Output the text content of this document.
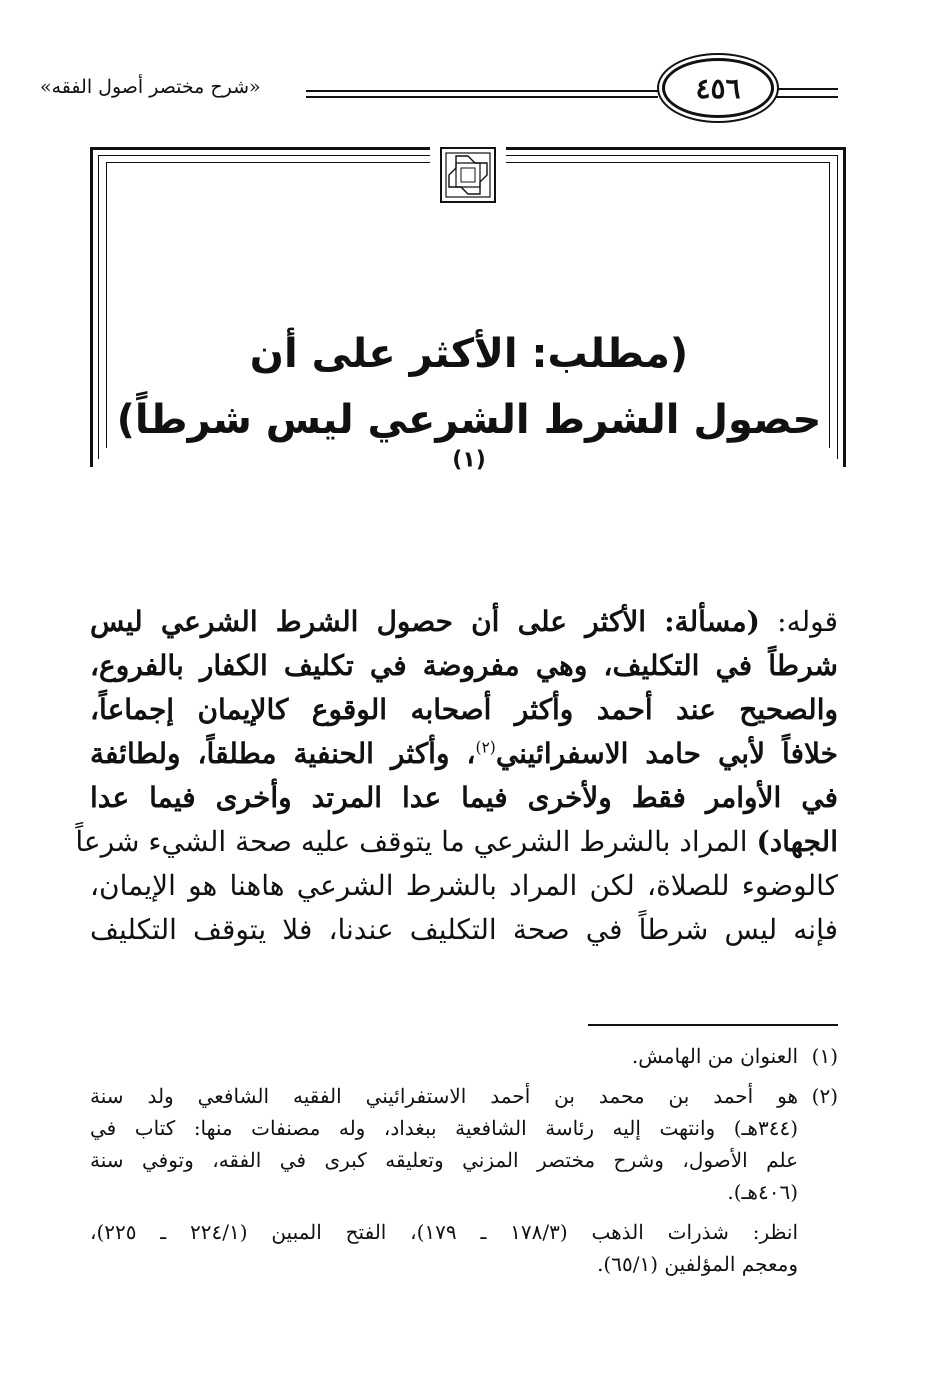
«شرح مختصر أصول الفقه»	٤٥٦
(مطلب: الأكثر على أن
حصول الشرط الشرعي ليس شرطاً)$^{(١)}$
قوله: (مسألة: الأكثر على أن حصول الشرط الشرعي ليس
شرطاً في التكليف، وهي مفروضة في تكليف الكفار بالفروع،
والصحيح عند أحمد وأكثر أصحابه الوقوع كالإيمان إجماعاً،
خلافاً لأبي حامد الاسفرائيني$^{(٢)}$، وأكثر الحنفية مطلقاً، ولطائفة
في الأوامر فقط ولأخرى فيما عدا المرتد وأخرى فيما عدا
الجهاد) المراد بالشرط الشرعي ما يتوقف عليه صحة الشيء شرعاً
كالوضوء للصلاة، لكن المراد بالشرط الشرعي هاهنا هو الإيمان،
فإنه ليس شرطاً في صحة التكليف عندنا، فلا يتوقف التكليف
(١)العنوان من الهامش.
(٢)هو أحمد بن محمد بن أحمد الاستفرائيني الفقيه الشافعي ولد سنة
(٣٤٤هـ) وانتهت إليه رئاسة الشافعية ببغداد، وله مصنفات منها: كتاب في
علم الأصول، وشرح مختصر المزني وتعليقه كبرى في الفقه، وتوفي سنة
(٤٠٦هـ).
انظر: شذرات الذهب (١٧٨/٣ ـ ١٧٩)، الفتح المبين (٢٢٤/١ ـ ٢٢٥)،
ومعجم المؤلفين (٦٥/١).
